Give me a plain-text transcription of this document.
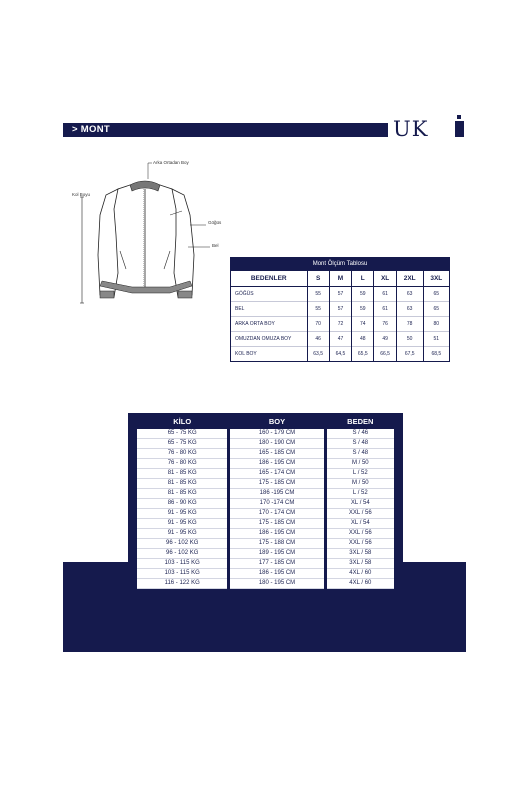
> MONT	UK
Arka Ortadan Boy
Kol Boyu
Göğüs
Bel
Mont Ölçüm Tablosu
BEDENLER	S	M	L	XL	2XL	3XL
GÖĞÜS	55	57	59	61	63	65
BEL	55	57	59	61	63	65
ARKA ORTA BOY	70	72	74	76	78	80
OMUZDAN OMUZA BOY	46	47	48	49	50	51
KOL BOY	63,5	64,5	65,5	66,5	67,5	68,5
KİLO	BOY	BEDEN
65 - 75 KG	160 - 179 CM	S / 46
65 - 75 KG	180 - 190 CM	S / 48
76 - 80 KG	165 - 185 CM	S / 48
76 - 80 KG	186 - 195 CM	M / 50
81 - 85 KG	165 - 174 CM	L / 52
81 - 85 KG	175 - 185 CM	M / 50
81 - 85 KG	186 -195 CM	L / 52
86 - 90 KG	170 -174 CM	XL / 54
91 - 95 KG	170 - 174 CM	XXL / 56
91 - 95 KG	175 - 185 CM	XL / 54
91 - 95 KG	186 - 195 CM	XXL / 56
96 - 102 KG	175 - 188 CM	XXL / 56
96 - 102 KG	189 - 195 CM	3XL / 58
103 - 115 KG	177 - 185 CM	3XL / 58
103 - 115 KG	186 - 195 CM	4XL / 60
116 - 122 KG	180 - 195 CM	4XL / 60
